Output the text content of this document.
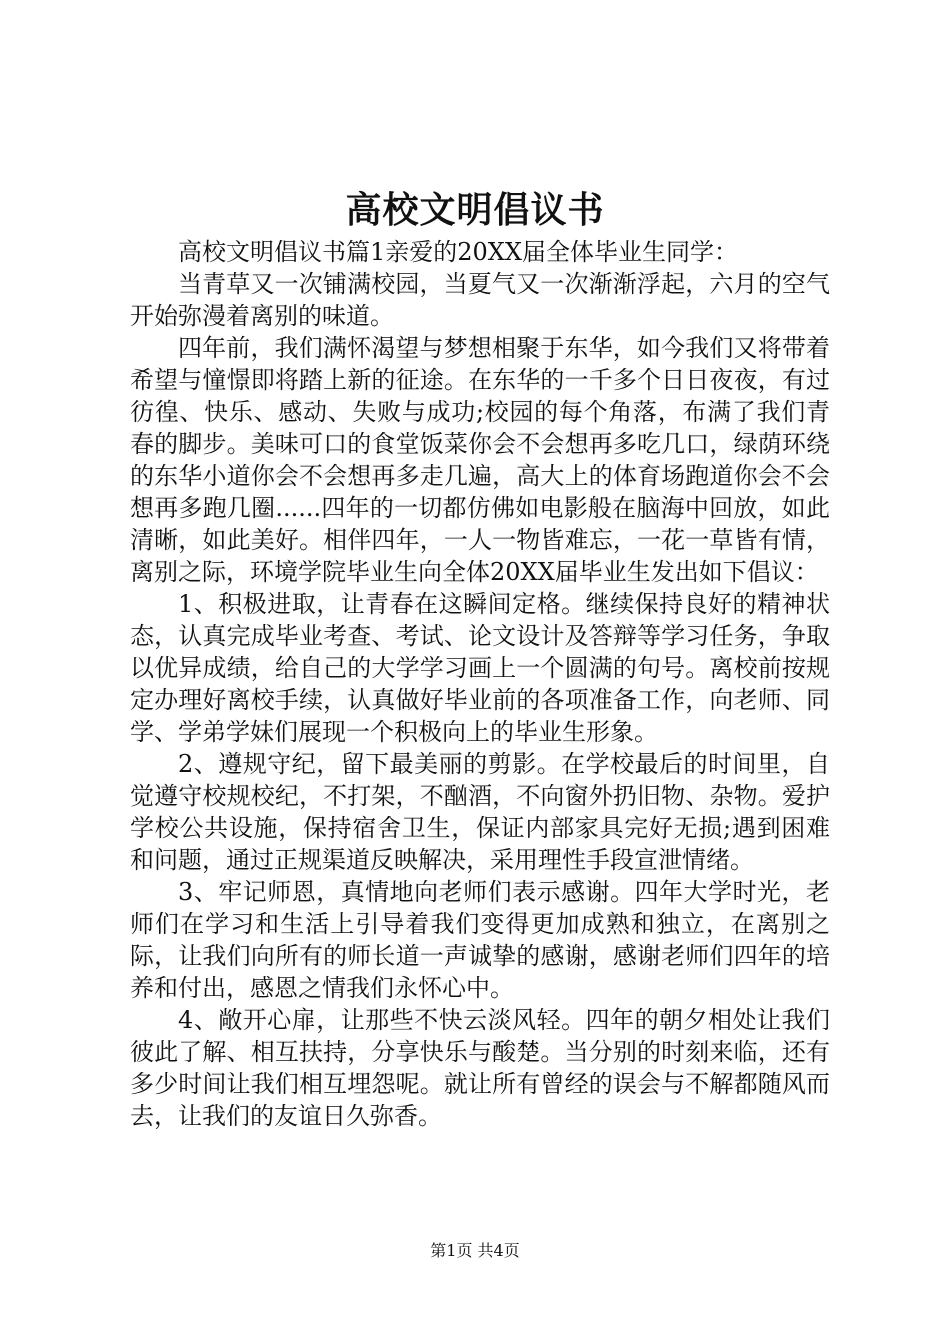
高校文明倡议书

高校文明倡议书篇1亲爱的20XX届全体毕业生同学：

当青草又一次铺满校园，当夏气又一次渐渐浮起，六月的空气开始弥漫着离别的味道。

四年前，我们满怀渴望与梦想相聚于东华，如今我们又将带着希望与憧憬即将踏上新的征途。在东华的一千多个日日夜夜，有过彷徨、快乐、感动、失败与成功;校园的每个角落，布满了我们青春的脚步。美味可口的食堂饭菜你会不会想再多吃几口，绿荫环绕的东华小道你会不会想再多走几遍，高大上的体育场跑道你会不会想再多跑几圈......四年的一切都仿佛如电影般在脑海中回放，如此清晰，如此美好。相伴四年，一人一物皆难忘，一花一草皆有情，离别之际，环境学院毕业生向全体20XX届毕业生发出如下倡议：

1、积极进取，让青春在这瞬间定格。继续保持良好的精神状态，认真完成毕业考查、考试、论文设计及答辩等学习任务，争取以优异成绩，给自己的大学学习画上一个圆满的句号。离校前按规定办理好离校手续，认真做好毕业前的各项准备工作，向老师、同学、学弟学妹们展现一个积极向上的毕业生形象。

2、遵规守纪，留下最美丽的剪影。在学校最后的时间里，自觉遵守校规校纪，不打架，不酗酒，不向窗外扔旧物、杂物。爱护学校公共设施，保持宿舍卫生，保证内部家具完好无损;遇到困难和问题，通过正规渠道反映解决，采用理性手段宣泄情绪。

3、牢记师恩，真情地向老师们表示感谢。四年大学时光，老师们在学习和生活上引导着我们变得更加成熟和独立，在离别之际，让我们向所有的师长道一声诚挚的感谢，感谢老师们四年的培养和付出，感恩之情我们永怀心中。

4、敞开心扉，让那些不快云淡风轻。四年的朝夕相处让我们彼此了解、相互扶持，分享快乐与酸楚。当分别的时刻来临，还有多少时间让我们相互埋怨呢。就让所有曾经的误会与不解都随风而去，让我们的友谊日久弥香。

第1页 共4页
